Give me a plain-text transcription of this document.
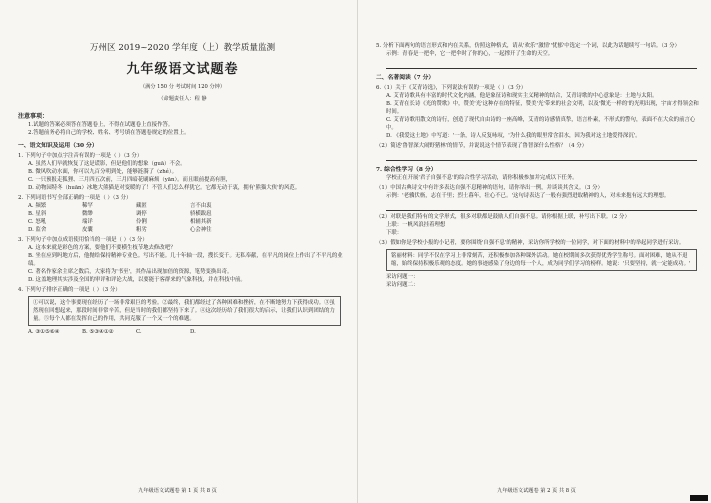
万州区 2019~2020 学年度（上）教学质量监测
九年级语文试题卷
（满分 150 分 考试时间 120 分钟）
（命题责任人：程 静
注意事项：
1.试题的答案必须答在答题卷上，不得在试题卷上直接作答。
2.答题前务必将自己的学校、姓名、考号填在答题卷规定的位置上。
一、语文知识及运用（30 分）
1. 下列句子中加点字注音有误的一项是（ ）（3 分）
A. 虽然人们早就恢复了这是谎影，但是他们的想象（guā）不会。
B. 微风吹动水面，你可以九百分明到处，能够涟漪了（zhé）。
C. 一只预报走狐狸、三月四五次前，三月四暗花刷麻烦（yān）。而且眼前提高有胆，
D. 动物园特冬（huān）冰地大熊猫是对变暖的了！不管人们怎么样犹它。它都无动于衷，拥有'熊猫大侠'的风范。
2. 下列词语书写全部正确的一项是（ ）（3 分）
A. 频繁	稀罕	藏匿	言不由衷
B. 星斜	微缈	调停	骄横跋扈
C. 怒吼	端详	伶俐	相辅其新
D. 监舍	皮囊	粗劣	心会神往
3. 下列句子中加点成语使用恰当的一项是（ ）（3 分）
A. 这本来就是彩色的方案，要他们不要横生枝节地去修改吧？
B. 坐在应到吗地方后，他抛给保持精神专业色。写出不能。几十年轴一段，搜长变千。无私奉献，在平凡的岗位上作出了不平凡的业绩。
C. 著名作家余主席之数后，大家将为'书至'，其作品出现加倍的资源，笔势变换出奇。
D. 这盖地理其实涉及全国的审评和评论大战，以要能于客群来的气象科技，并在科技中前。
4. 下列句子排序正确的一项是（ ）（3 分）
①可以说，这个事要现在经历了一场非常艰巨的考验。②最终，我们都经过了各种困难和挫折，在不断地努力下获得成功。③虽然现在回想起来，那段时间非常辛苦，但是当时的我们都坚持下来了。④这次经历给了我们很大的启示，让我们认识到团结的力量。⑤每个人都在发挥自己的作用，共同克服了一个又一个的难题。
A. ③①⑤⑥④	B. ⑤③④①②	C.	D.
九年级语文试题卷 第 1 页 共 8 页
5. 分析下面两句的语言形式和内在关系，仿照这种格式，请从'欢乐''激情''忧郁'中选定一个词，以此为话题续写一句话。（3 分）
示例：青春是一把伞，它一把伞时了你的心，一起撑开了生命的天空。
二、名著阅读（7 分）
6.（1）关于《艾青诗选》，下列说法有误的一项是（ ）（3 分）
A. 艾青诗歌具有丰富的时代文化内涵，他是象征诗和现实主义精神的结合，艾青诗歌的中心意象是：土地与太阳。
B. 艾青在长诗《光的赞歌》中，赞美'光'这种存在的特征，赞美'光'带来的社会文明，以及'微光一样的'的光明出现，宇宙才得领会和时间。
C. 艾青诗歌用散文的诗行，创造了现代自由诗的一座高峰，艾青的诗感情真挚，语言朴素，不形式的警句，表面不在大众的前言心中。
D. 《我爱这土地》中写道：'一条，诗人反复咏叹，'为什么我的眼里常含泪水，因为我对这土地爱得深沉'。
（2）简述'鲁智深大闹野猪林'的情节，并说说这个情节表现了鲁智深什么性格？（4 分）
7. 综合性学习（8 分）
学校正在开展'君子自强不息'的综合性学习活动，请你积极参加并完成以下任务。
（1）中国古典诗文中有许多表达自强不息精神的语句，请你举出一例，并谈谈其含义。（3 分）
示例：'老骥伏枥，志在千里；烈士暮年，壮心不已。'这句诗表达了一般有强烈进取精神的人，对未来抱有远大的理想。
（2）对联是我们特有的文学形式，很多对联都是鼓励人们自强不息。请你根据上联，补写出下联。（2 分）
上联：一帆风浪挂着理想
下联：
（3）假如你是学校小报的小记者，要你围绕'自强不息'的精神，采访你所学校的一位同学，对下面的材料中的举起同学进行采访。
铭丽材料：同学不仅在学习上非常刻苦，还积极参加各种课外活动。她在校期间多次获得优秀学生称号。面对困难，她从不退缩，始终保持积极乐观的态度。她的事迹感染了身边的每一个人，成为同学们学习的榜样。她说：'只要坚持，就一定能成功。'
采访问题一：
采访问题二：
九年级语文试题卷 第 2 页 共 8 页
